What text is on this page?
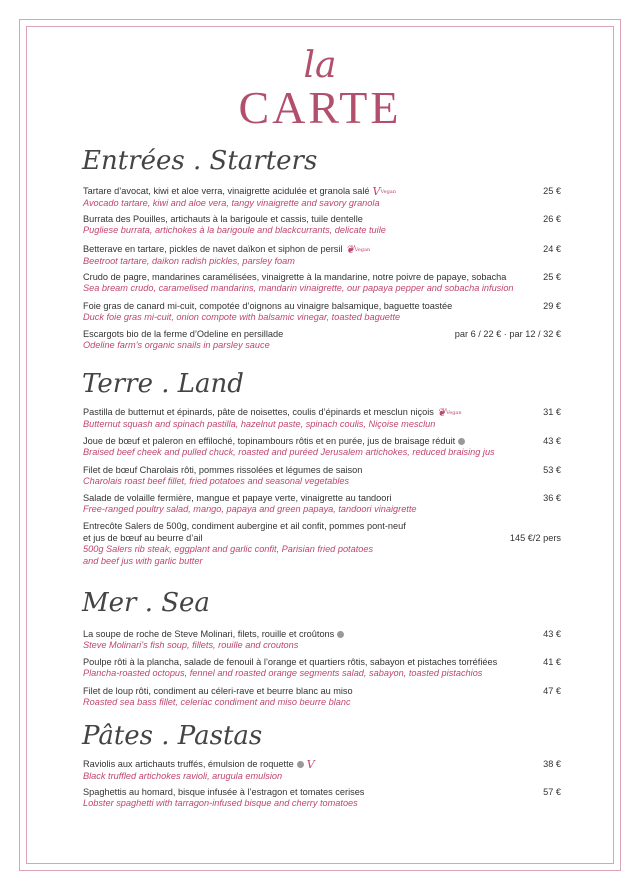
la
CARTE
Entrées . Starters
Tartare d’avocat, kiwi et aloe verra, vinaigrette acidulée et granola salé VVegan
Avocado tartare, kiwi and aloe vera, tangy vinaigrette and savory granola
25 €
Burrata des Pouilles, artichauts à la barigoule et cassis, tuile dentelle
Pugliese burrata, artichokes à la barigoule and blackcurrants, delicate tuile
26 €
Betterave en tartare, pickles de navet daïkon et siphon de persil ❦Vegan
Beetroot tartare, daikon radish pickles, parsley foam
24 €
Crudo de pagre, mandarines caramélisées, vinaigrette à la mandarine, notre poivre de papaye, sobacha
Sea bream crudo, caramelised mandarins, mandarin vinaigrette, our papaya pepper and sobacha infusion
25 €
Foie gras de canard mi-cuit, compotée d’oignons au vinaigre balsamique, baguette toastée
Duck foie gras mi-cuit, onion compote with balsamic vinegar, toasted baguette
29 €
Escargots bio de la ferme d’Odeline en persillade
Odeline farm’s organic snails in parsley sauce
par 6 / 22 € · par 12 / 32 €
Terre . Land
Pastilla de butternut et épinards, pâte de noisettes, coulis d’épinards et mesclun niçois ❦Vegan
Butternut squash and spinach pastilla, hazelnut paste, spinach coulis, Niçoise mesclun
31 €
Joue de bœuf et paleron en effiloché, topinambours rôtis et en purée, jus de braisage réduit
Braised beef cheek and pulled chuck, roasted and puréed Jerusalem artichokes, reduced braising jus
43 €
Filet de bœuf Charolais rôti, pommes rissolées et légumes de saison
Charolais roast beef fillet, fried potatoes and seasonal vegetables
53 €
Salade de volaille fermière, mangue et papaye verte, vinaigrette au tandoori
Free-ranged poultry salad, mango, papaya and green papaya, tandoori vinaigrette
36 €
Entrecôte Salers de 500g, condiment aubergine et ail confit, pommes pont-neuf
et jus de bœuf au beurre d’ail
500g Salers rib steak, eggplant and garlic confit, Parisian fried potatoes
and beef jus with garlic butter
145 €/2 pers
Mer . Sea
La soupe de roche de Steve Molinari, filets, rouille et croûtons
Steve Molinari’s fish soup, fillets, rouille and croutons
43 €
Poulpe rôti à la plancha, salade de fenouil à l’orange et quartiers rôtis, sabayon et pistaches torréfiées
Plancha-roasted octopus, fennel and roasted orange segments salad, sabayon, toasted pistachios
41 €
Filet de loup rôti, condiment au céleri-rave et beurre blanc au miso
Roasted sea bass fillet, celeriac condiment and miso beurre blanc
47 €
Pâtes . Pastas
Raviolis aux artichauts truffés, émulsion de roquette V
Black truffled artichokes ravioli, arugula emulsion
38 €
Spaghettis au homard, bisque infusée à l’estragon et tomates cerises
Lobster spaghetti with tarragon-infused bisque and cherry tomatoes
57 €
